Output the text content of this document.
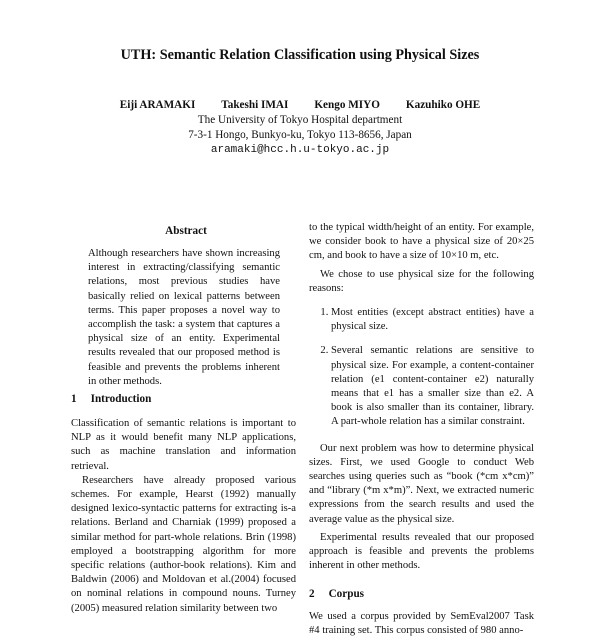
UTH: Semantic Relation Classification using Physical Sizes
Eiji ARAMAKI Takeshi IMAI Kengo MIYO Kazuhiko OHE
The University of Tokyo Hospital department
7-3-1 Hongo, Bunkyo-ku, Tokyo 113-8656, Japan
aramaki@hcc.h.u-tokyo.ac.jp
Abstract
Although researchers have shown increasing interest in extracting/classifying semantic relations, most previous studies have basically relied on lexical patterns between terms. This paper proposes a novel way to accomplish the task: a system that captures a physical size of an entity. Experimental results revealed that our proposed method is feasible and prevents the problems inherent in other methods.
1 Introduction

Classification of semantic relations is important to NLP as it would benefit many NLP applications, such as machine translation and information retrieval.

Researchers have already proposed various schemes. For example, Hearst (1992) manually designed lexico-syntactic patterns for extracting is-a relations. Berland and Charniak (1999) proposed a similar method for part-whole relations. Brin (1998) employed a bootstrapping algorithm for more specific relations (author-book relations). Kim and Baldwin (2006) and Moldovan et al.(2004) focused on nominal relations in compound nouns. Turney (2005) measured relation similarity between two

to the typical width/height of an entity. For example, we consider book to have a physical size of 20×25 cm, and book to have a size of 10×10 m, etc.

We chose to use physical size for the following reasons:

1. Most entities (except abstract entities) have a physical size.
2. Several semantic relations are sensitive to physical size. For example, a content-container relation (e1 content-container e2) naturally means that e1 has a smaller size than e2. A book is also smaller than its container, library. A part-whole relation has a similar constraint.

Our next problem was how to determine physical sizes. First, we used Google to conduct Web searches using queries such as “book (*cm x*cm)” and “library (*m x*m)”. Next, we extracted numeric expressions from the search results and used the average value as the physical size.

Experimental results revealed that our proposed approach is feasible and prevents the problems inherent in other methods.

2 Corpus

We used a corpus provided by SemEval2007 Task #4 training set. This corpus consisted of 980 anno-
